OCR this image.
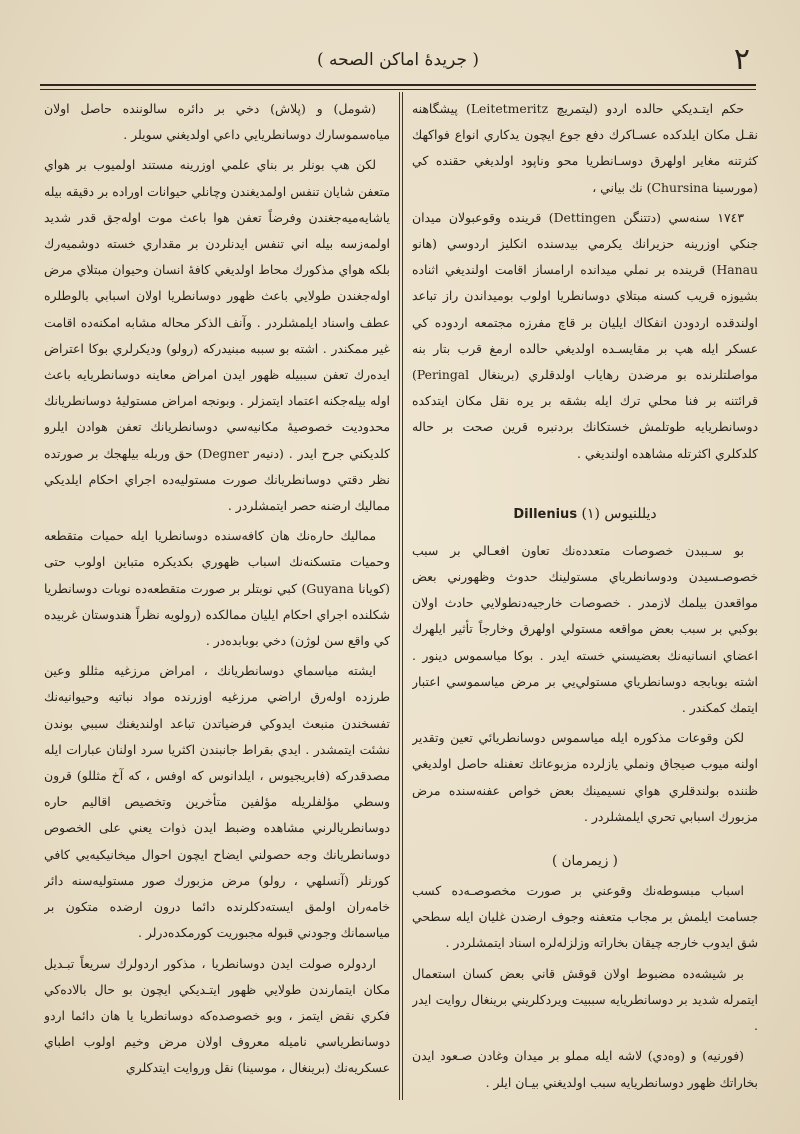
٢
( جريدهٔ اماكن الصحه )

حكم ايتـديكي حالده اردو (ليتمريچ Leitetmeritz) پيشگاهنه نقـل مكان ايلدكده عسـاكرك دفع جوع ايچون يدكاري انواع فواكهك كثرتنه مغاير اولهرق دوسـانطريا محو وناپود اولديغي حقنده كي (مورسينا Chursina) نك بياني ،

١٧٤٣ سنه‌سي (دتتنگن Dettingen) قرينده وقوعبولان ميدان جنكي اوزرينه حزيرانك يكرمي بيدسنده انكليز اردوسي (هانو Hanau) قرينده بر نملي ميدانده ارامساز اقامت اولنديغي اثناده بشيوزه قريب كسنه مبتلاي دوسانطريا اولوب بوميداندن راز تباعد اولندقده اردودن انفكاك ايليان بر قاچ مفرزه مجتمعه اردوده كي عسكر ايله هپ بر مقايسـده اولديغي حالده ارمغ قرب‌ بتار بنه مواصلتلرنده بو مرضدن رهاياب اولدقلري (برينغال Peringal) قرائتنه بر فنا محلي ترك ايله بشقه بر يره نقل مكان ايتدكده دوسانطريايه طوتلمش خستكانك بردنبره قرين صحت بر حاله كلدكلري اكثرتله مشاهده اولنديغي .

ديللنيوس (١) Dillenius

بو سـببدن خصوصات متعدده‌نك تعاون افعـالي بر سبب خصوصـسيدن ودوسانطرياي مستولينك حدوث وظهورني بعض مواقعدن بيلمك لازمدر . خصوصات خارجيه‌دنطولايي حادث اولان بوكبي بر سبب بعض مواقعه مستولي اولهرق وخارجاً تأثير ايلهرك اعضاي انسانيه‌نك بعضيسني خسته ايدر . بوكا مياسموس دينور . اشته بوبابجه دوسانطرياي مستولي‌يي بر مرض مياسموسي اعتبار ايتمك كمكندر .

لكن وقوعات مذكوره ايله مياسموس دوسانطريائي تعين وتقدير اولنه ميوب صيجاق ونملي يازلرده مزبوعاتك تعفنله حاصل اولديغي ظننده بولندقلري هواي نسيمينك بعض خواص عفنه‌سنده مرض مزبورك اسبابي تحري ايلمشلردر .

( زيمرمان )

اسباب مبسوطه‌نك وقوعني بر صورت مخصوصـه‌ده كسب جسامت ايلمش بر مجاب متعفنه وجوف ارضدن غليان ايله سطحي شق ايدوب خارجه چيقان بخاراته وزلزله‌لره اسناد ايتمشلردر .

بر شيشه‌ده مضبوط اولان قوقش قاني بعض كسان استعمال ايتمرله شديد بر دوسانطريايه سببيت ويردكلريني برينغال روايت ايدر .

(فورنيه) و (وه‌دي) لاشه ايله مملو بر ميدان وغادن صـعود ايدن بخاراتك ظهور دوسانطريايه سبب اولديغني بيـان ايلر .

(شومل) و (پلاش) دخي بر دائره سالوننده حاصل اولان مياه‌سموسارك دوسانطريايي داعي اولديغني سويلر .

لكن هپ بونلر بر بناي علمي اوزرينه مستند اولميوب بر هواي متعفن شايان تنفس اولمديغندن وچانلي حيوانات اوراده بر دقيقه بيله ياشايه‌ميه‌جغندن وفرضاً تعفن هوا باعث موت اوله‌جق قدر شديد اولمه‌زسه بيله اني تنفس ايدنلردن بر مقداري خسته دوشميه‌رك بلكه هواي مذكورك محاط اولديغي كافهٔ انسان وحيوان مبتلاي مرض اوله‌جغندن طولايي باعث ظهور دوسانطريا اولان اسبابي بالوطلره عطف واسناد ايلمشلردر . وآنف الذكر محاله مشابه امكنه‌ده اقامت غير ممكندر . اشته بو سببه مبنيدركه (رولو) وديكرلري بوكا اعتراض ايده‌رك تعفن سببيله ظهور ايدن امراض معاينه دوسانطريايه باعث اوله بيله‌جكنه اعتماد ايتمزلر . وبونجه امراض مستوليهٔ دوسانطريانك محدوديت خصوصيهٔ مكانيه‌سي دوسانطريانك تعفن هوادن ايلرو كلديكني جرح ايدر . (دنيه‌ر Degner) حق وربله بيلهجك بر صورتده نظر دقتي دوسانطريانك صورت مستوليه‌ده اجراي احكام ايلديكي مماليك ارضنه حصر ايتمشلردر .

مماليك حاره‌نك هان كافه‌سنده دوسانطريا ايله حميات متقطعه وحميات متسكنه‌نك اسباب ظهوري بكديكره متباين اولوب حتى (كويانا Guyana) كبي نوبتلر بر صورت متقطعه‌ده نوبات دوسانطريا شكلنده اجراي احكام ايليان ممالكده (رولويه نظراً هندوستان غربيده كي واقع سن لوژن) دخي بوبابده‌در .

ايشته مياسماي دوسانطريانك ، امراض مرزغيه مثللو وعين طرزده اوله‌رق اراضي مرزغيه اوزرنده مواد نباتيه وحيوانيه‌نك تفسخندن منبعث ايدوكي فرضياتدن تباعد اولنديغنك سببي بوندن نشئت ايتمشدر . ايدي بقراط جانبندن اكثريا سرد اولنان عبارات ايله مصدقدركه (فابريجيوس ، ايلدانوس كه اوفس ، كه آخ مثللو) قرون وسطي مؤلفلريله مؤلفين متأخرين وتخصيص اقاليم حاره دوسانطريالرني مشاهده وضبط ايدن ذوات يعني على الخصوص دوسانطريانك وجه حصولني ايضاح ايچون احوال ميخانيكيه‌يي كافي كورنلر (آنسلهي ، رولو) مرض مزبورك صور مستوليه‌سنه دائر خامه‌ران اولمق ايسته‌دكلرنده دائما درون ارضده متكون بر مياسمانك وجودني قبوله مجبوريت كورمكده‌درلر .

اردولره صولت ايدن دوسانطريا ، مذكور اردولرك سريعاً تبـديل مكان ايتمارندن طولايي ظهور ايتـديكي ايچون بو حال بالاده‌كي فكري نقض ايتمز ، وبو خصوصده‌كه دوسانطريا يا هان دائما اردو دوسانطرياسي ناميله معروف اولان مرض وخيم اولوب اطباي عسكريه‌نك (برينغال ، موسينا) نقل وروايت ايتدكلري
